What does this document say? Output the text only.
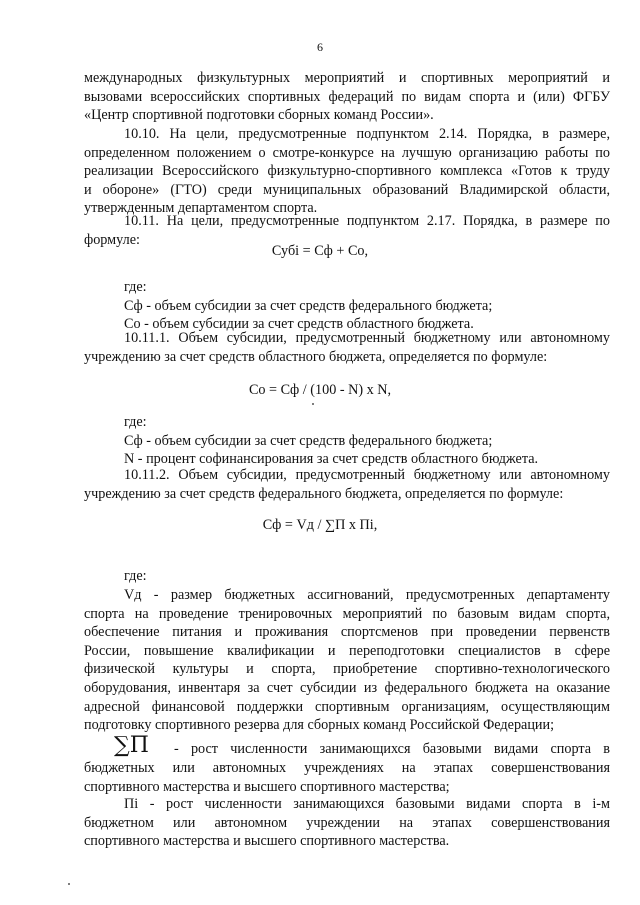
6
международных физкультурных мероприятий и спортивных мероприятий и
вызовами всероссийских спортивных федераций по видам спорта и (или) ФГБУ
«Центр спортивной подготовки сборных команд России».
10.10. На цели, предусмотренные подпунктом 2.14. Порядка, в размере,
определенном положением о смотре-конкурсе на лучшую организацию работы по
реализации Всероссийского физкультурно-спортивного комплекса «Готов к труду
и обороне» (ГТО) среди муниципальных образований Владимирской области,
утвержденным департаментом спорта.
10.11. На цели, предусмотренные подпунктом 2.17. Порядка, в размере по
формуле:
Субі = Сф + Со,
где:
Сф - объем субсидии за счет средств федерального бюджета;
Со - объем субсидии за счет средств областного бюджета.
10.11.1. Объем субсидии, предусмотренный бюджетному или автономному
учреждению за счет средств областного бюджета, определяется по формуле:
Со = Сф / (100 - N) х N,
где:
Сф - объем субсидии за счет средств федерального бюджета;
N - процент софинансирования за счет средств областного бюджета.
10.11.2. Объем субсидии, предусмотренный бюджетному или автономному
учреждению за счет средств федерального бюджета, определяется по формуле:
Сф = Vд / ∑П х Пі,
где:
Vд - размер бюджетных ассигнований, предусмотренных департаменту
спорта на проведение тренировочных мероприятий по базовым видам спорта,
обеспечение питания и проживания спортсменов при проведении первенств
России, повышение квалификации и переподготовки специалистов в сфере
физической культуры и спорта, приобретение спортивно-технологического
оборудования, инвентаря за счет субсидии из федерального бюджета на оказание
адресной финансовой поддержки спортивным организациям, осуществляющим
подготовку спортивного резерва для сборных команд Российской Федерации;
∑П - рост численности занимающихся базовыми видами спорта в
бюджетных или автономных учреждениях на этапах совершенствования
спортивного мастерства и высшего спортивного мастерства;
Пі - рост численности занимающихся базовыми видами спорта в і-м
бюджетном или автономном учреждении на этапах совершенствования
спортивного мастерства и высшего спортивного мастерства.
